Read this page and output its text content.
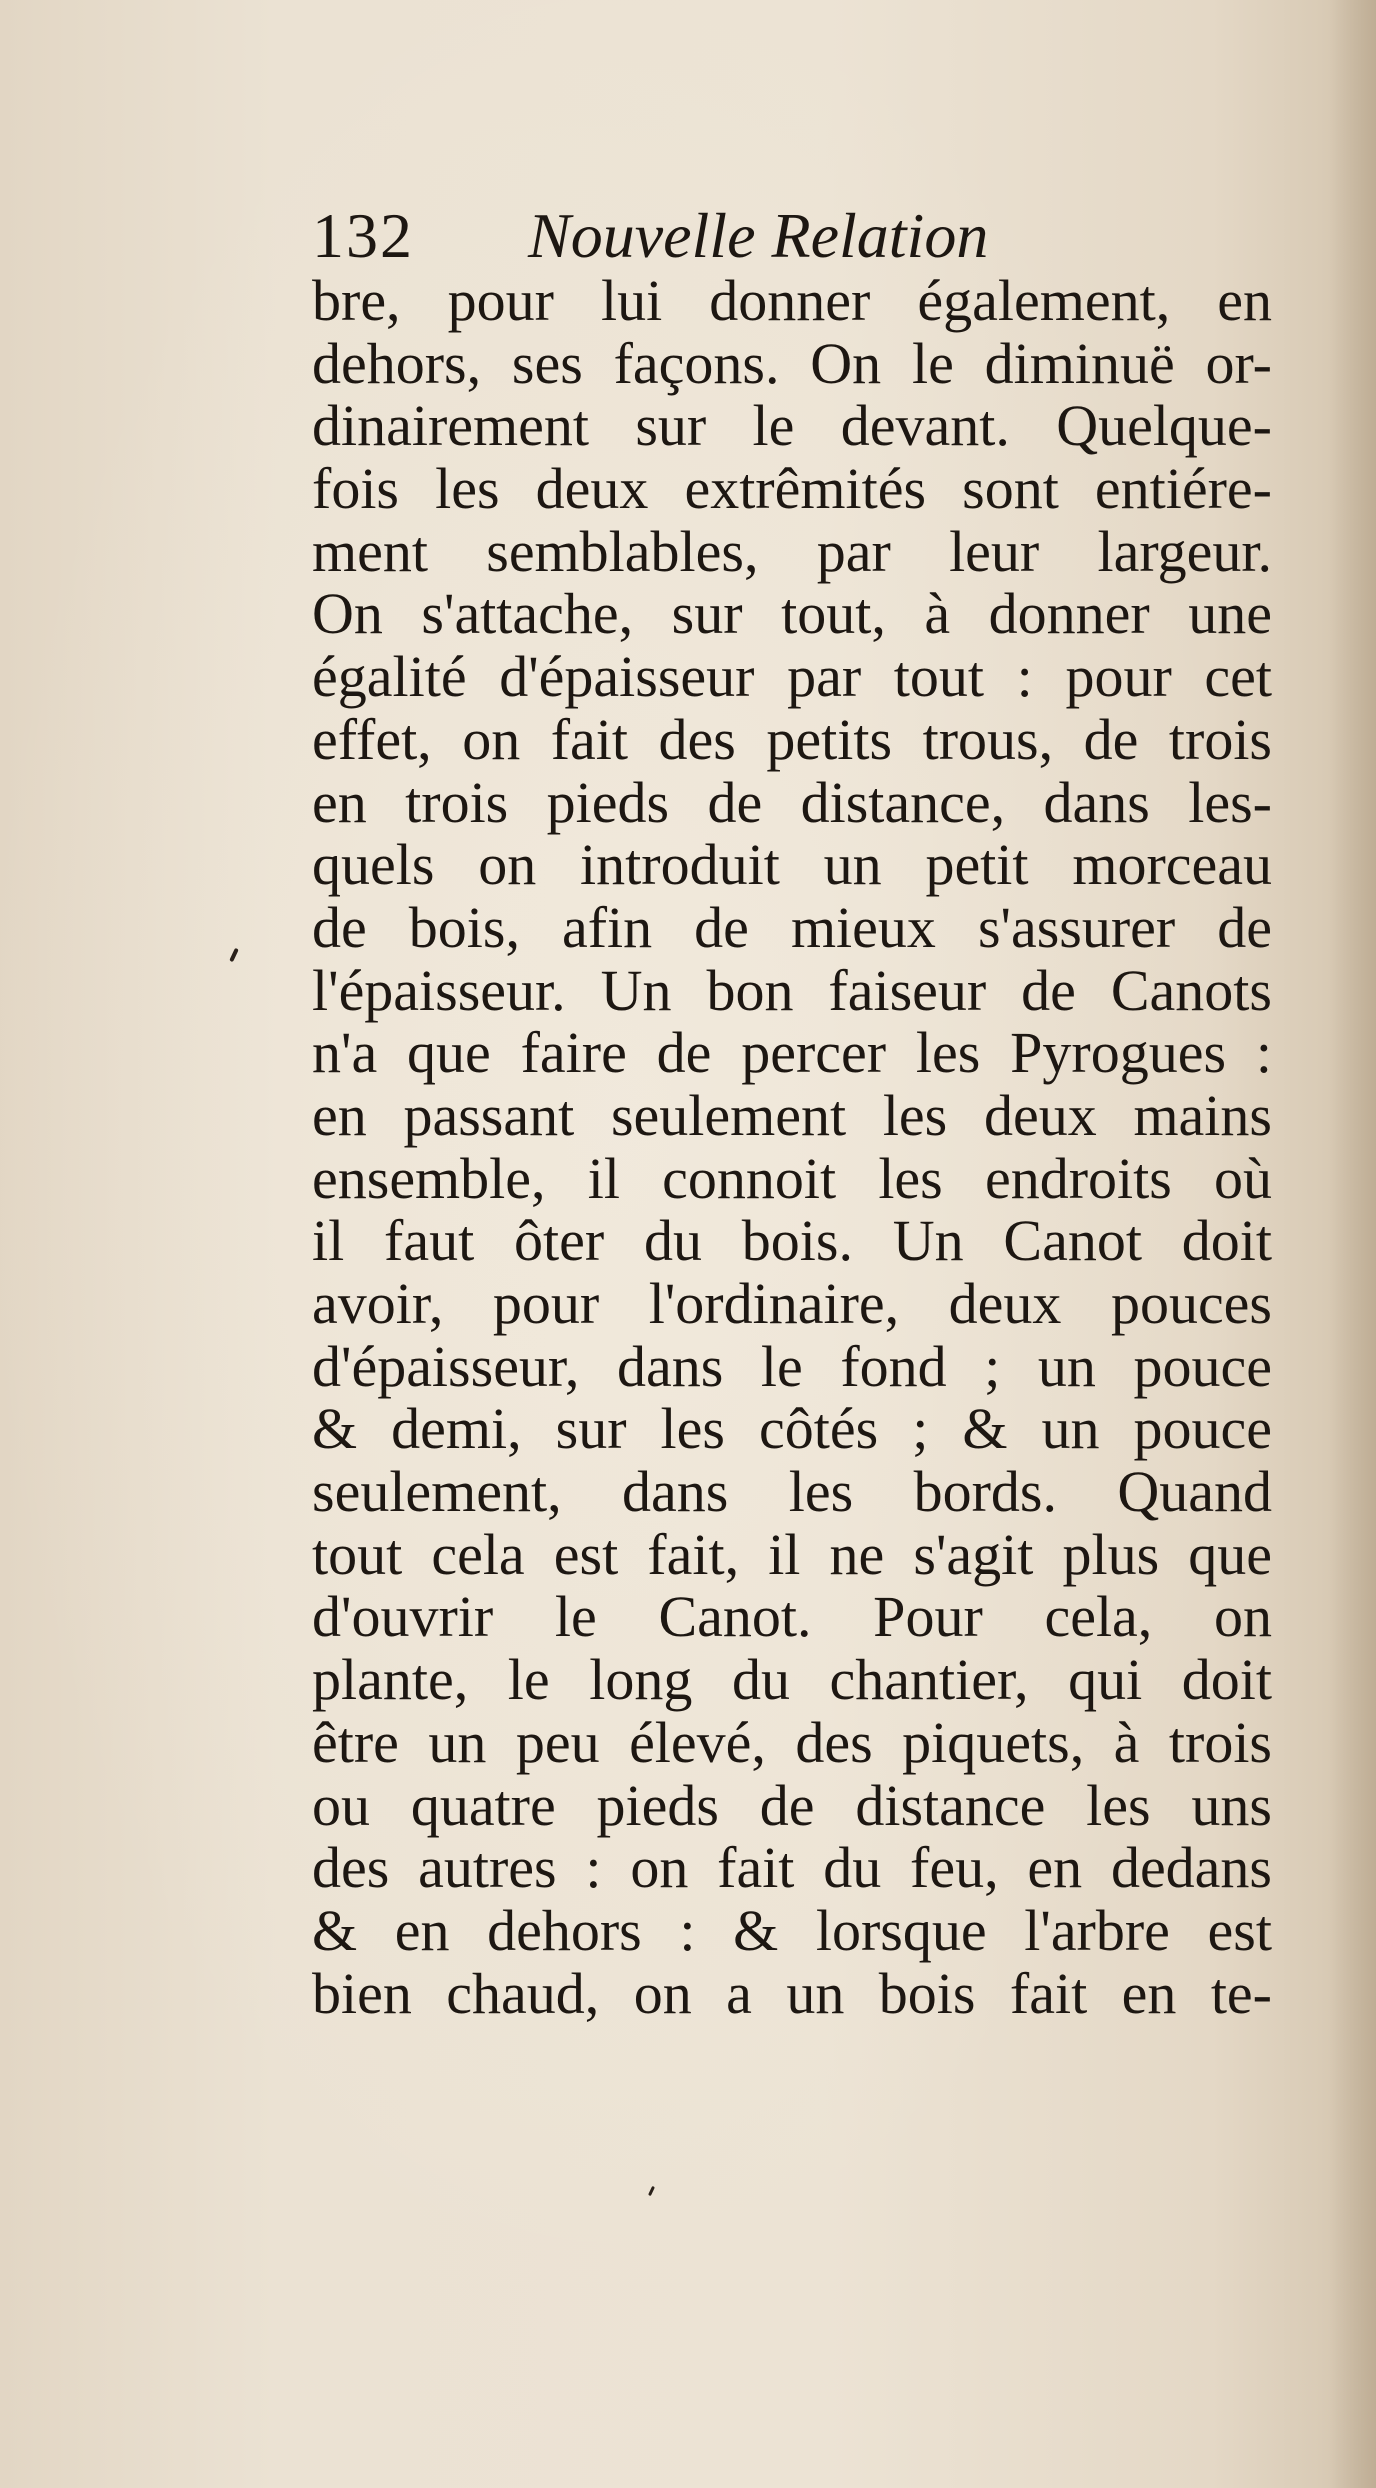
132 Nouvelle Relation
bre, pour lui donner également, en
dehors, ses façons. On le diminuë or-
dinairement sur le devant. Quelque-
fois les deux extrêmités sont entiére-
ment semblables, par leur largeur.
On s'attache, sur tout, à donner une
égalité d'épaisseur par tout : pour cet
effet, on fait des petits trous, de trois
en trois pieds de distance, dans les-
quels on introduit un petit morceau
de bois, afin de mieux s'assurer de
l'épaisseur. Un bon faiseur de Canots
n'a que faire de percer les Pyrogues :
en passant seulement les deux mains
ensemble, il connoit les endroits où
il faut ôter du bois. Un Canot doit
avoir, pour l'ordinaire, deux pouces
d'épaisseur, dans le fond ; un pouce
& demi, sur les côtés ; & un pouce
seulement, dans les bords. Quand
tout cela est fait, il ne s'agit plus que
d'ouvrir le Canot. Pour cela, on
plante, le long du chantier, qui doit
être un peu élevé, des piquets, à trois
ou quatre pieds de distance les uns
des autres : on fait du feu, en dedans
& en dehors : & lorsque l'arbre est
bien chaud, on a un bois fait en te-
